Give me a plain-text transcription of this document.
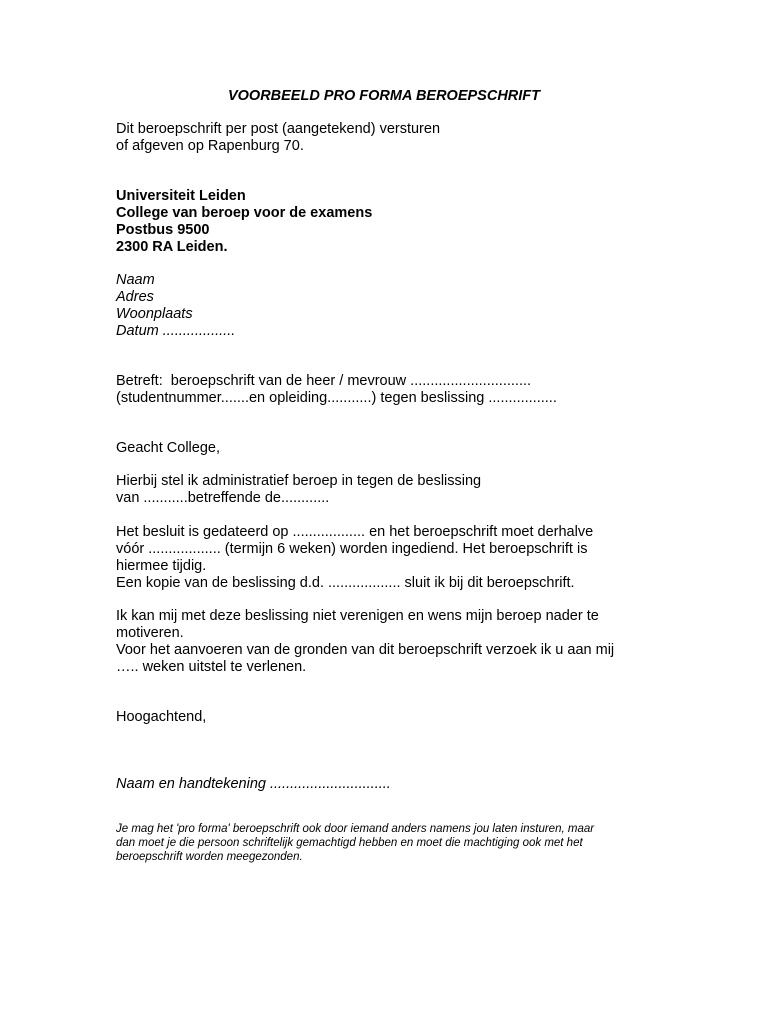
VOORBEELD PRO FORMA BEROEPSCHRIFT

Dit beroepschrift per post (aangetekend) versturen
of afgeven op Rapenburg 70.
Universiteit Leiden
College van beroep voor de examens
Postbus 9500
2300 RA Leiden.
Naam
Adres
Woonplaats
Datum ..................
Betreft:  beroepschrift van de heer / mevrouw ..............................
(studentnummer.......en opleiding...........) tegen beslissing .................
Geacht College,
Hierbij stel ik administratief beroep in tegen de beslissing
van ...........betreffende de............
Het besluit is gedateerd op .................. en het beroepschrift moet derhalve
vóór .................. (termijn 6 weken) worden ingediend. Het beroepschrift is
hiermee tijdig.
Een kopie van de beslissing d.d. .................. sluit ik bij dit beroepschrift.
Ik kan mij met deze beslissing niet verenigen en wens mijn beroep nader te
motiveren.
Voor het aanvoeren van de gronden van dit beroepschrift verzoek ik u aan mij
….. weken uitstel te verlenen.
Hoogachtend,
Naam en handtekening ..............................
Je mag het 'pro forma' beroepschrift ook door iemand anders namens jou laten insturen, maar
dan moet je die persoon schriftelijk gemachtigd hebben en moet die machtiging ook met het
beroepschrift worden meegezonden.
